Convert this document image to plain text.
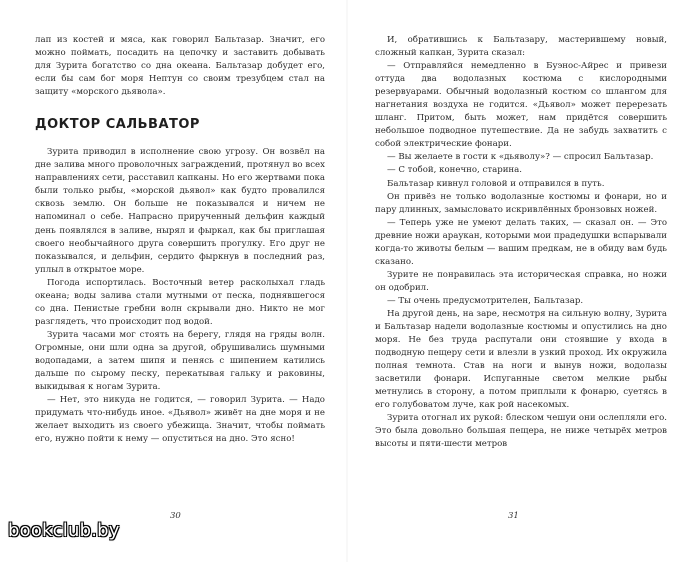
лап из костей и мяса, как говорил Бальтазар. Значит, его можно поймать, посадить на цепочку и заставить добывать для Зурита богатство со дна океана. Бальтазар добудет его, если бы сам бог моря Нептун со своим трезубцем стал на защиту «морского дьявола».

ДОКТОР САЛЬВАТОР

Зурита приводил в исполнение свою угрозу. Он возвёл на дне залива много проволочных заграждений, протянул во всех направлениях сети, расставил капканы. Но его жертвами пока были только рыбы, «морской дьявол» как будто провалился сквозь землю. Он больше не показывался и ничем не напоминал о себе. Напрасно прирученный дельфин каждый день появлялся в заливе, нырял и фыркал, как бы приглашая своего необычайного друга совершить прогулку. Его друг не показывался, и дельфин, сердито фыркнув в последний раз, уплыл в открытое море.

Погода испортилась. Восточный ветер расколыхал гладь океана; воды залива стали мутными от песка, поднявшегося со дна. Пенистые гребни волн скрывали дно. Никто не мог разглядеть, что происходит под водой.

Зурита часами мог стоять на берегу, глядя на гряды волн. Огромные, они шли одна за другой, обрушивались шумными водопадами, а затем шипя и пенясь с шипением катились дальше по сырому песку, перекатывая гальку и раковины, выкидывая к ногам Зурита.

— Нет, это никуда не годится, — говорил Зурита. — Надо придумать что-нибудь иное. «Дьявол» живёт на дне моря и не желает выходить из своего убежища. Значит, чтобы поймать его, нужно пойти к нему — опуститься на дно. Это ясно!

30

И, обратившись к Бальтазару, мастерившему новый, сложный капкан, Зурита сказал:

— Отправляйся немедленно в Буэнос-Айрес и привези оттуда два водолазных костюма с кислородными резервуарами. Обычный водолазный костюм со шлангом для нагнетания воздуха не годится. «Дьявол» может перерезать шланг. Притом, быть может, нам придётся совершить небольшое подводное путешествие. Да не забудь захватить с собой электрические фонари.

— Вы желаете в гости к «дьяволу»? — спросил Бальтазар.

— С тобой, конечно, старина.

Бальтазар кивнул головой и отправился в путь.

Он привёз не только водолазные костюмы и фонари, но и пару длинных, замысловато искривлённых бронзовых ножей.

— Теперь уже не умеют делать таких, — сказал он. — Это древние ножи араукан, которыми мои прадедушки вспарывали когда-то животы белым — вашим предкам, не в обиду вам будь сказано.

Зурите не понравилась эта историческая справка, но ножи он одобрил.

— Ты очень предусмотрителен, Бальтазар.

На другой день, на заре, несмотря на сильную волну, Зурита и Бальтазар надели водолазные костюмы и опустились на дно моря. Не без труда распутали они стоявшие у входа в подводную пещеру сети и влезли в узкий проход. Их окружила полная темнота. Став на ноги и вынув ножи, водолазы засветили фонари. Испуганные светом мелкие рыбы метнулись в сторону, а потом приплыли к фонарю, суетясь в его голубоватом луче, как рой насекомых.

Зурита отогнал их рукой: блеском чешуи они ослепляли его. Это была довольно большая пещера, не ниже четырёх метров высоты и пяти-шести метров

31
bookclub.by
